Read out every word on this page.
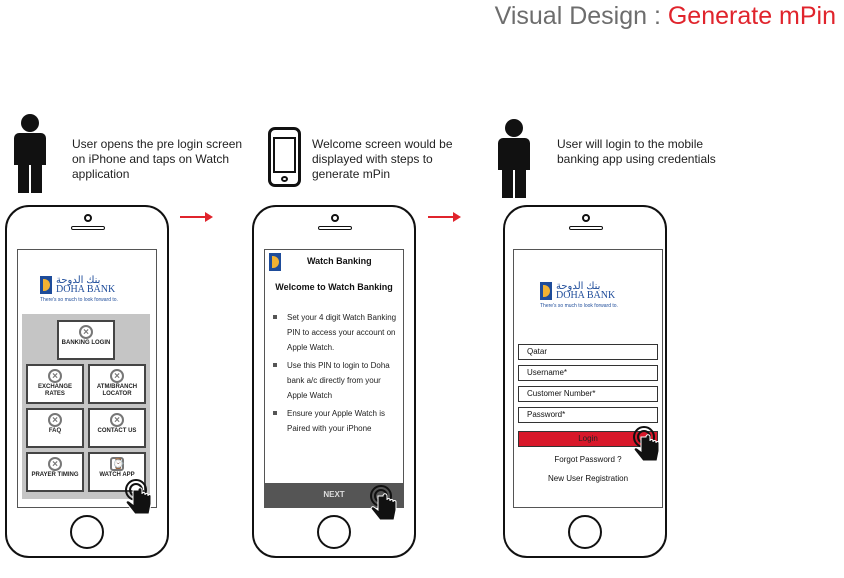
Visual Design : Generate mPin
User opens the pre login screen on iPhone and taps on Watch application
Welcome screen would be displayed with steps to generate mPin
User will login to the mobile banking app using credentials
بنك الدوحة
DOHA BANK
There's so much to look forward to.
×
BANKING LOGIN
×
EXCHANGE RATES
×
ATM/BRANCH LOCATOR
×
FAQ
×
CONTACT US
×
PRAYER TIMING
⌚
WATCH APP
Watch Banking
Welcome to Watch Banking
Set your 4 digit Watch Banking PIN to access your account on Apple Watch.
Use this PIN to login to Doha bank a/c directly from your Apple Watch
Ensure your Apple Watch is Paired with your iPhone
NEXT
بنك الدوحة
DOHA BANK
There's so much to look forward to.
Qatar
Username*
Customer Number*
Password*
Login
Forgot Password ?
New User Registration
